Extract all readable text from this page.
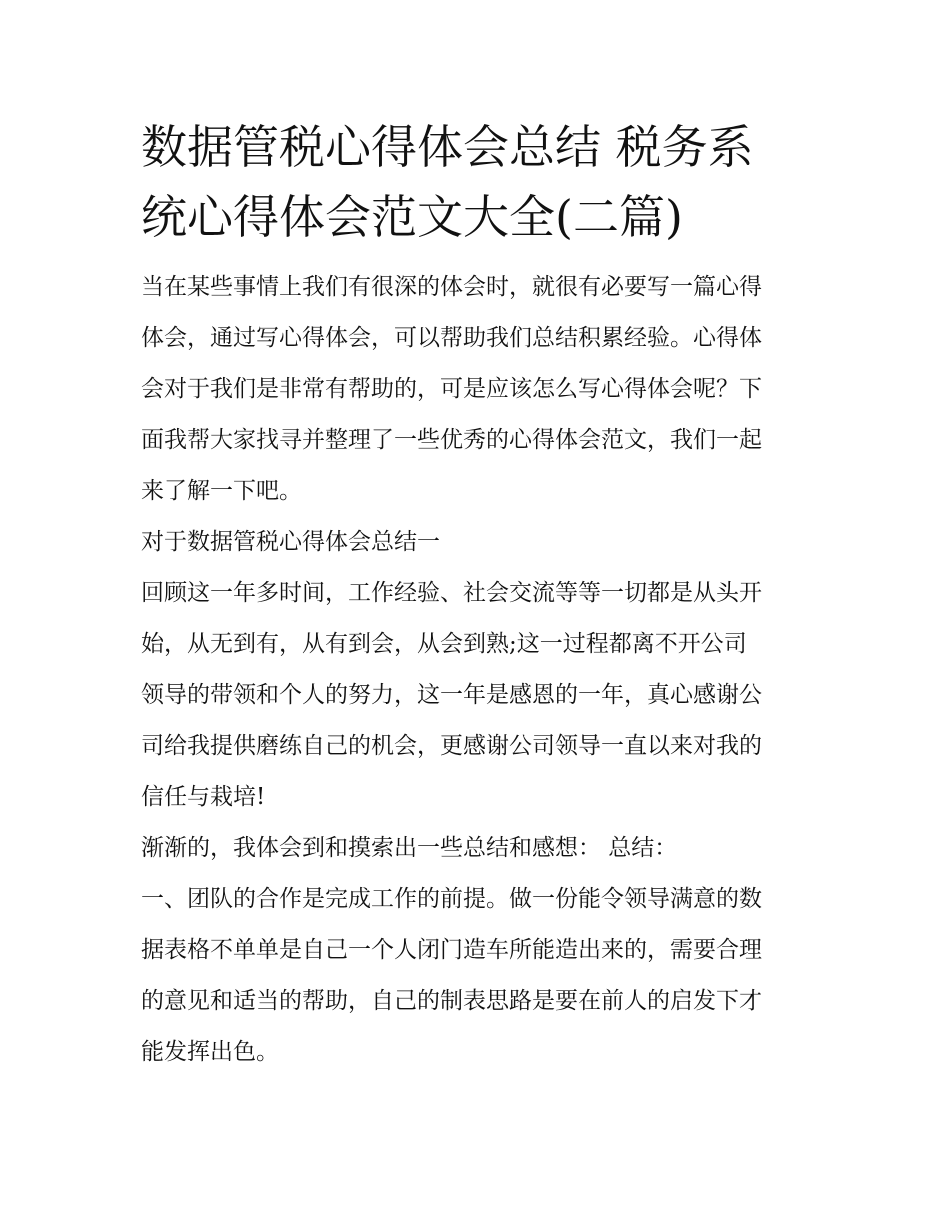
数据管税心得体会总结 税务系
统心得体会范文大全(二篇)

当在某些事情上我们有很深的体会时，就很有必要写一篇心得
体会，通过写心得体会，可以帮助我们总结积累经验。心得体
会对于我们是非常有帮助的，可是应该怎么写心得体会呢？下
面我帮大家找寻并整理了一些优秀的心得体会范文，我们一起
来了解一下吧。

对于数据管税心得体会总结一

回顾这一年多时间，工作经验、社会交流等等一切都是从头开
始，从无到有，从有到会，从会到熟;这一过程都离不开公司
领导的带领和个人的努力，这一年是感恩的一年，真心感谢公
司给我提供磨练自己的机会，更感谢公司领导一直以来对我的
信任与栽培!

渐渐的，我体会到和摸索出一些总结和感想： 总结：

一、团队的合作是完成工作的前提。做一份能令领导满意的数
据表格不单单是自己一个人闭门造车所能造出来的，需要合理
的意见和适当的帮助，自己的制表思路是要在前人的启发下才
能发挥出色。
